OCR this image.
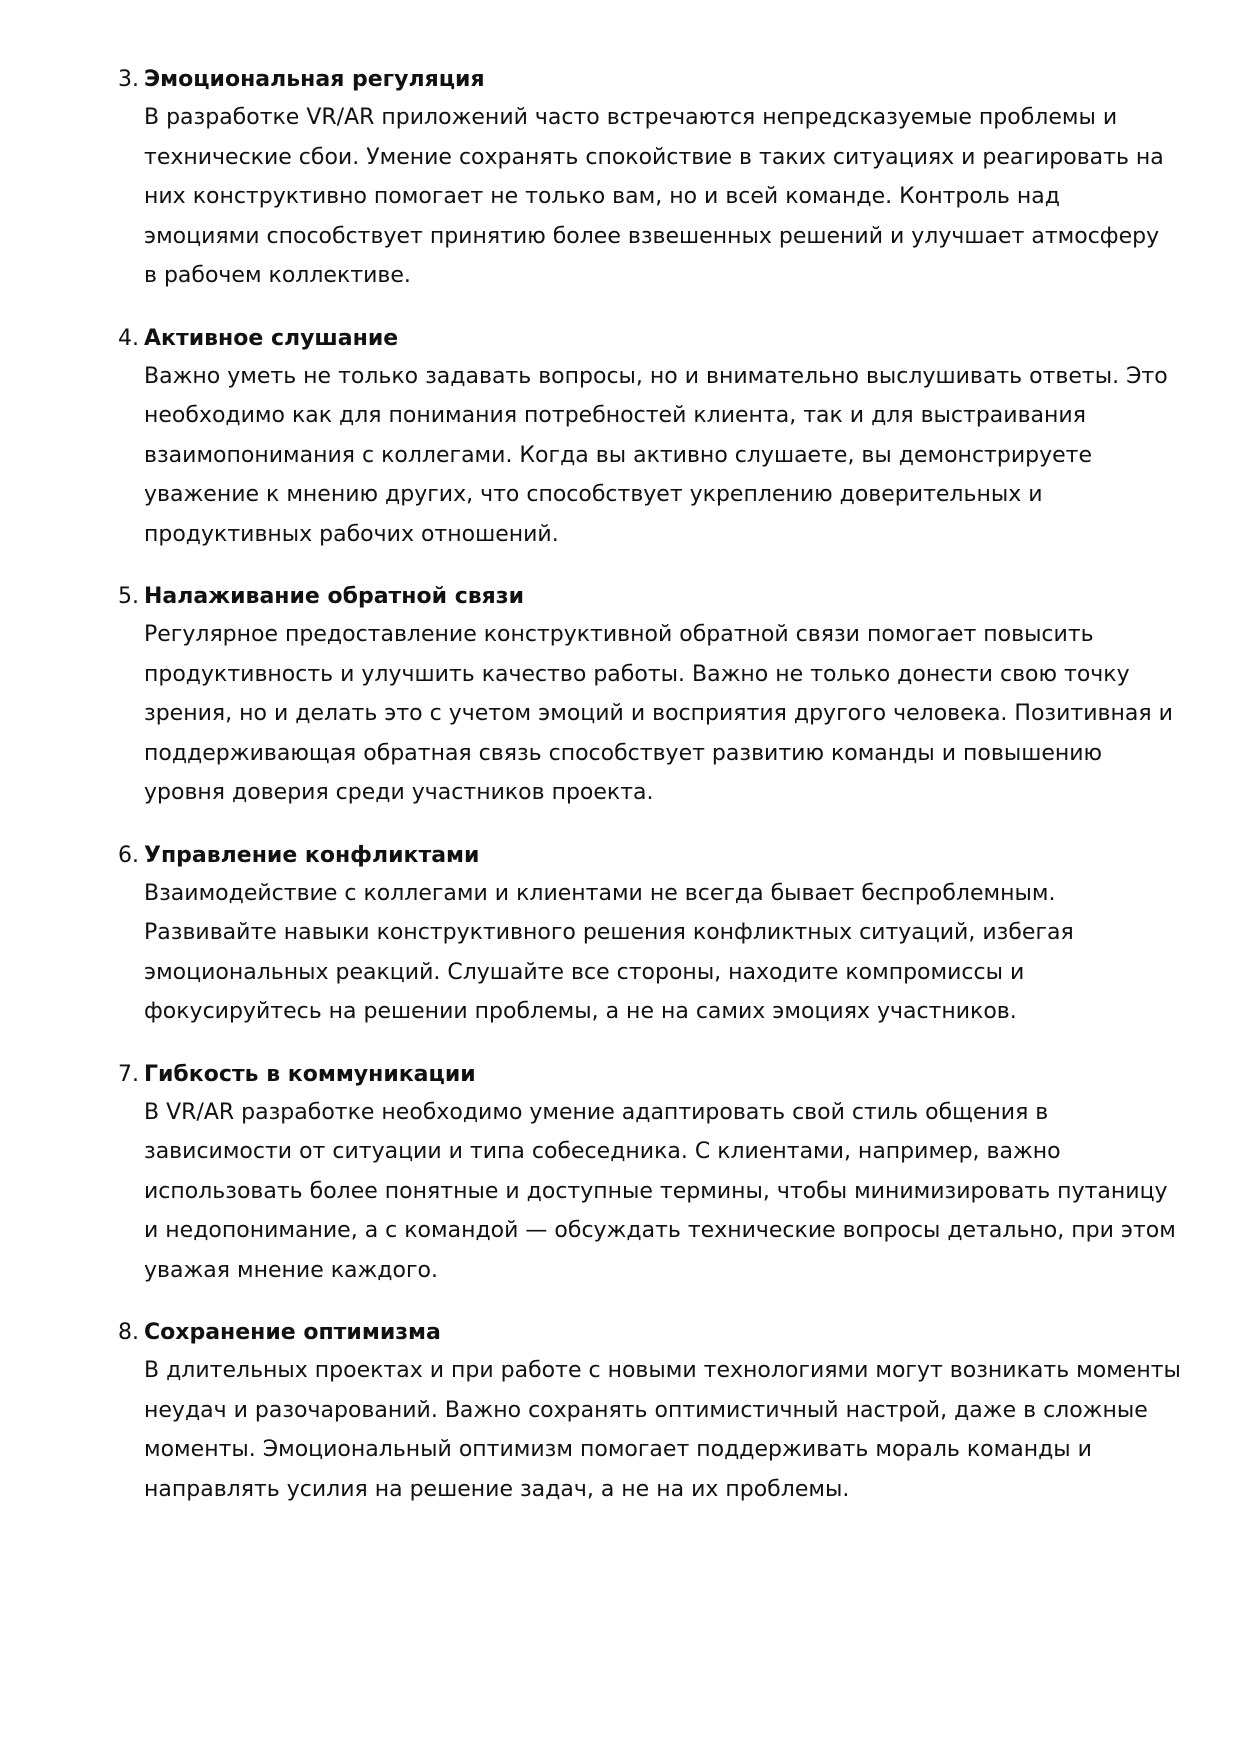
3. Эмоциональная регуляция
В разработке VR/AR приложений часто встречаются непредсказуемые проблемы и
технические сбои. Умение сохранять спокойствие в таких ситуациях и реагировать на
них конструктивно помогает не только вам, но и всей команде. Контроль над
эмоциями способствует принятию более взвешенных решений и улучшает атмосферу
в рабочем коллективе.
4. Активное слушание
Важно уметь не только задавать вопросы, но и внимательно выслушивать ответы. Это
необходимо как для понимания потребностей клиента, так и для выстраивания
взаимопонимания с коллегами. Когда вы активно слушаете, вы демонстрируете
уважение к мнению других, что способствует укреплению доверительных и
продуктивных рабочих отношений.
5. Налаживание обратной связи
Регулярное предоставление конструктивной обратной связи помогает повысить
продуктивность и улучшить качество работы. Важно не только донести свою точку
зрения, но и делать это с учетом эмоций и восприятия другого человека. Позитивная и
поддерживающая обратная связь способствует развитию команды и повышению
уровня доверия среди участников проекта.
6. Управление конфликтами
Взаимодействие с коллегами и клиентами не всегда бывает беспроблемным.
Развивайте навыки конструктивного решения конфликтных ситуаций, избегая
эмоциональных реакций. Слушайте все стороны, находите компромиссы и
фокусируйтесь на решении проблемы, а не на самих эмоциях участников.
7. Гибкость в коммуникации
В VR/AR разработке необходимо умение адаптировать свой стиль общения в
зависимости от ситуации и типа собеседника. С клиентами, например, важно
использовать более понятные и доступные термины, чтобы минимизировать путаницу
и недопонимание, а с командой — обсуждать технические вопросы детально, при этом
уважая мнение каждого.
8. Сохранение оптимизма
В длительных проектах и при работе с новыми технологиями могут возникать моменты
неудач и разочарований. Важно сохранять оптимистичный настрой, даже в сложные
моменты. Эмоциональный оптимизм помогает поддерживать мораль команды и
направлять усилия на решение задач, а не на их проблемы.
